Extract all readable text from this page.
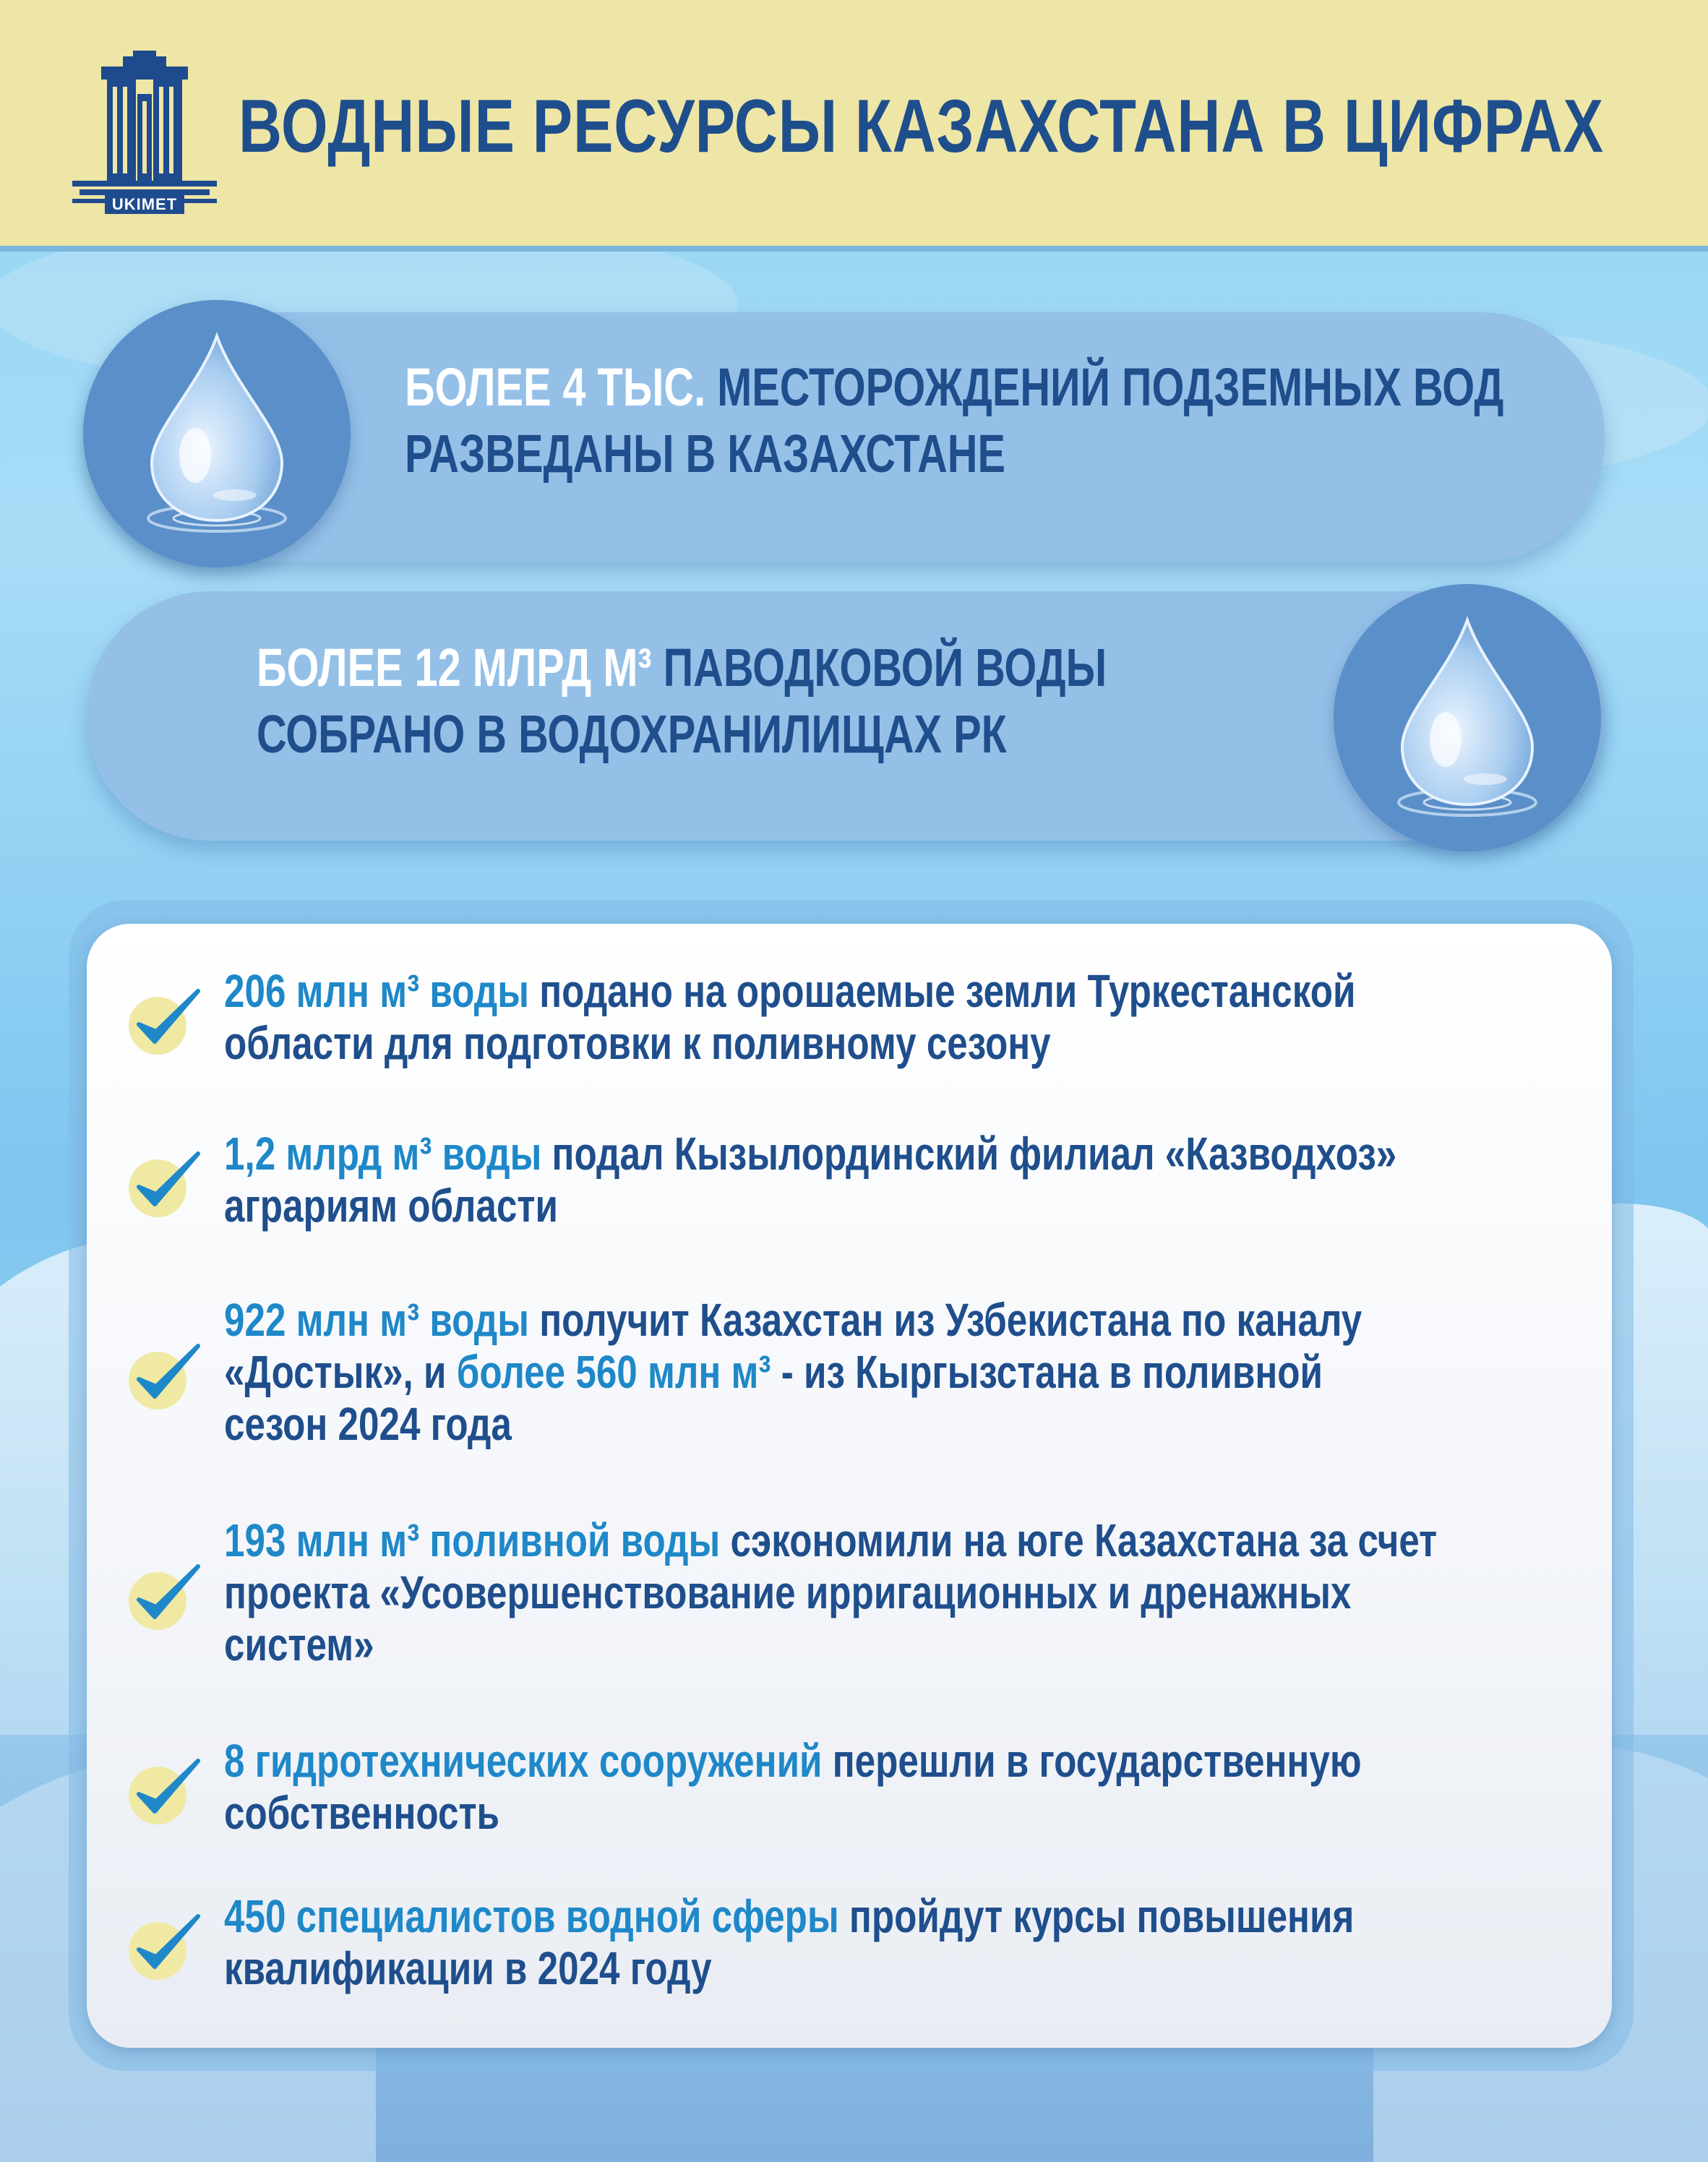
UKIMET
ВОДНЫЕ РЕСУРСЫ КАЗАХСТАНА В ЦИФРАХ
БОЛЕЕ 4 ТЫС. МЕСТОРОЖДЕНИЙ ПОДЗЕМНЫХ ВОД
РАЗВЕДАНЫ В КАЗАХСТАНЕ
БОЛЕЕ 12 МЛРД М³ ПАВОДКОВОЙ ВОДЫ
СОБРАНО В ВОДОХРАНИЛИЩАХ РК
206 млн м³ воды подано на орошаемые земли Туркестанской
области для подготовки к поливному сезону
1,2 млрд м³ воды подал Кызылординский филиал «Казводхоз»
аграриям области
922 млн м³ воды получит Казахстан из Узбекистана по каналу
«Достык», и более 560 млн м³ - из Кыргызстана в поливной
сезон 2024 года
193 млн м³ поливной воды сэкономили на юге Казахстана за счет
проекта «Усовершенствование ирригационных и дренажных
систем»
8 гидротехнических сооружений перешли в государственную
собственность
450 специалистов водной сферы пройдут курсы повышения
квалификации в 2024 году
